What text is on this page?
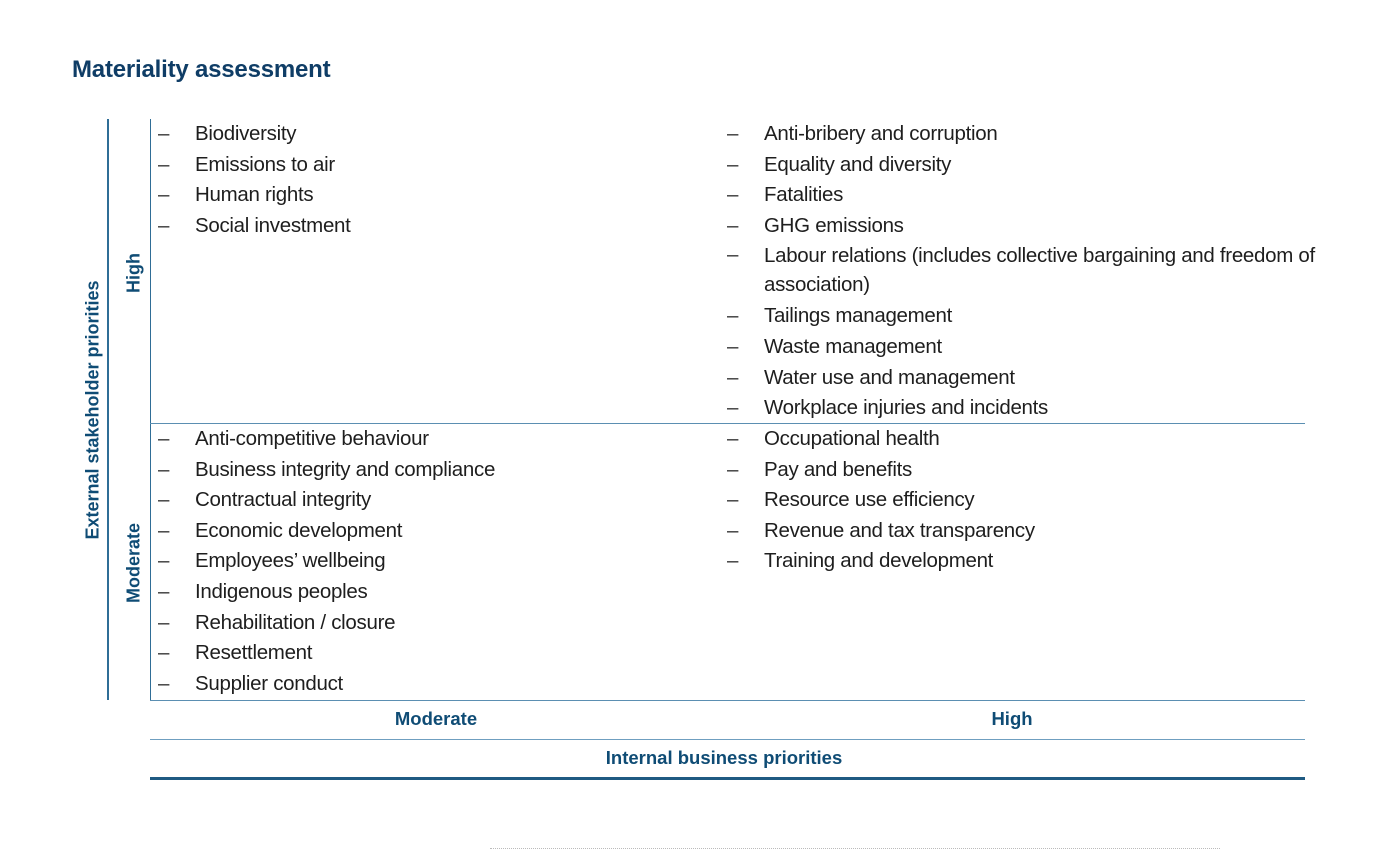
Materiality assessment
External stakeholder priorities
High
Moderate
– Biodiversity
– Emissions to air
– Human rights
– Social investment
– Anti-bribery and corruption
– Equality and diversity
– Fatalities
– GHG emissions
– Labour relations (includes collective bargaining and freedom of association)
– Tailings management
– Waste management
– Water use and management
– Workplace injuries and incidents
– Anti-competitive behaviour
– Business integrity and compliance
– Contractual integrity
– Economic development
– Employees’ wellbeing
– Indigenous peoples
– Rehabilitation / closure
– Resettlement
– Supplier conduct
– Occupational health
– Pay and benefits
– Resource use efficiency
– Revenue and tax transparency
– Training and development
Moderate	High
Internal business priorities
